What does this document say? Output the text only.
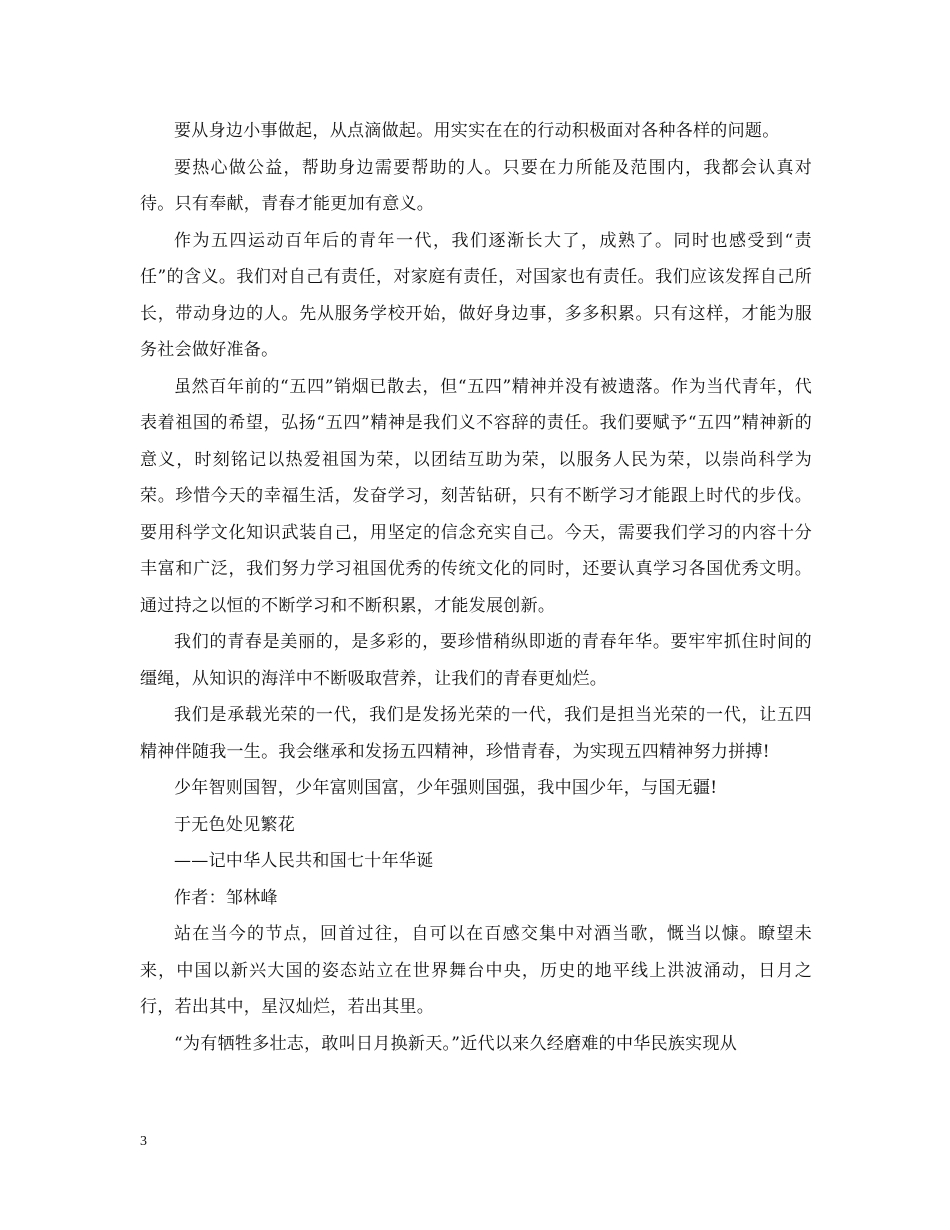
要从身边小事做起，从点滴做起。用实实在在的行动积极面对各种各样的问题。

要热心做公益，帮助身边需要帮助的人。只要在力所能及范围内，我都会认真对待。只有奉献，青春才能更加有意义。

作为五四运动百年后的青年一代，我们逐渐长大了，成熟了。同时也感受到“责任”的含义。我们对自己有责任，对家庭有责任，对国家也有责任。我们应该发挥自己所长，带动身边的人。先从服务学校开始，做好身边事，多多积累。只有这样，才能为服务社会做好准备。

虽然百年前的“五四”销烟已散去，但“五四”精神并没有被遗落。作为当代青年，代表着祖国的希望，弘扬“五四”精神是我们义不容辞的责任。我们要赋予“五四”精神新的意义，时刻铭记以热爱祖国为荣，以团结互助为荣，以服务人民为荣，以崇尚科学为荣。珍惜今天的幸福生活，发奋学习，刻苦钻研，只有不断学习才能跟上时代的步伐。要用科学文化知识武装自己，用坚定的信念充实自己。今天，需要我们学习的内容十分丰富和广泛，我们努力学习祖国优秀的传统文化的同时，还要认真学习各国优秀文明。通过持之以恒的不断学习和不断积累，才能发展创新。

我们的青春是美丽的，是多彩的，要珍惜稍纵即逝的青春年华。要牢牢抓住时间的缰绳，从知识的海洋中不断吸取营养，让我们的青春更灿烂。

我们是承载光荣的一代，我们是发扬光荣的一代，我们是担当光荣的一代，让五四精神伴随我一生。我会继承和发扬五四精神，珍惜青春，为实现五四精神努力拼搏!

少年智则国智，少年富则国富，少年强则国强，我中国少年，与国无疆!

于无色处见繁花

——记中华人民共和国七十年华诞

作者：邹林峰

站在当今的节点，回首过往，自可以在百感交集中对酒当歌，慨当以慷。瞭望未来，中国以新兴大国的姿态站立在世界舞台中央，历史的地平线上洪波涌动，日月之行，若出其中，星汉灿烂，若出其里。

“为有牺牲多壮志，敢叫日月换新天。”近代以来久经磨难的中华民族实现从

3
